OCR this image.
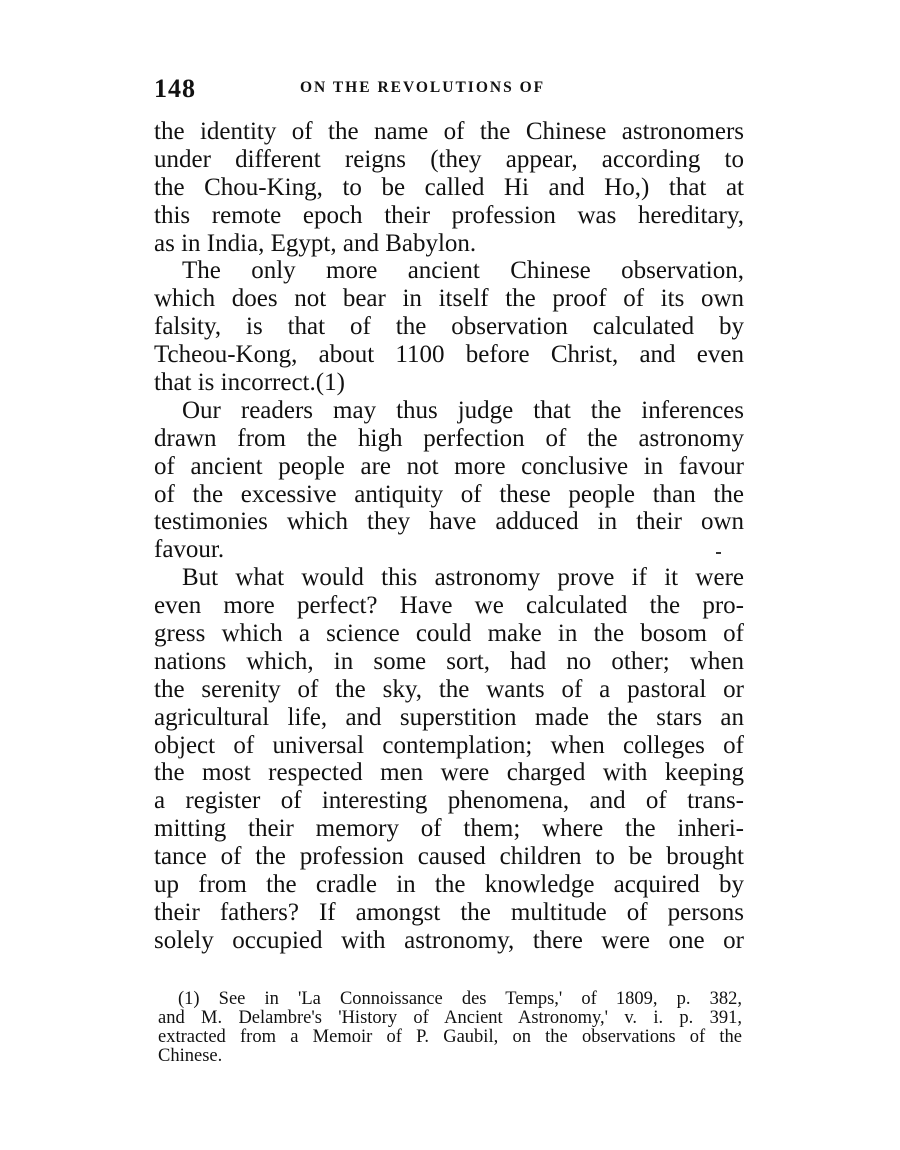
148	ON THE REVOLUTIONS OF
the identity of the name of the Chinese astronomers
under different reigns (they appear, according to
the Chou-King, to be called Hi and Ho,) that at
this remote epoch their profession was hereditary,
as in India, Egypt, and Babylon.
The only more ancient Chinese observation,
which does not bear in itself the proof of its own
falsity, is that of the observation calculated by
Tcheou-Kong, about 1100 before Christ, and even
that is incorrect.(1)
Our readers may thus judge that the inferences
drawn from the high perfection of the astronomy
of ancient people are not more conclusive in favour
of the excessive antiquity of these people than the
testimonies which they have adduced in their own
favour.
But what would this astronomy prove if it were
even more perfect? Have we calculated the pro-
gress which a science could make in the bosom of
nations which, in some sort, had no other; when
the serenity of the sky, the wants of a pastoral or
agricultural life, and superstition made the stars an
object of universal contemplation; when colleges of
the most respected men were charged with keeping
a register of interesting phenomena, and of trans-
mitting their memory of them; where the inheri-
tance of the profession caused children to be brought
up from the cradle in the knowledge acquired by
their fathers? If amongst the multitude of persons
solely occupied with astronomy, there were one or
(1) See in 'La Connoissance des Temps,' of 1809, p. 382,
and M. Delambre's 'History of Ancient Astronomy,' v. i. p. 391,
extracted from a Memoir of P. Gaubil, on the observations of the
Chinese.
